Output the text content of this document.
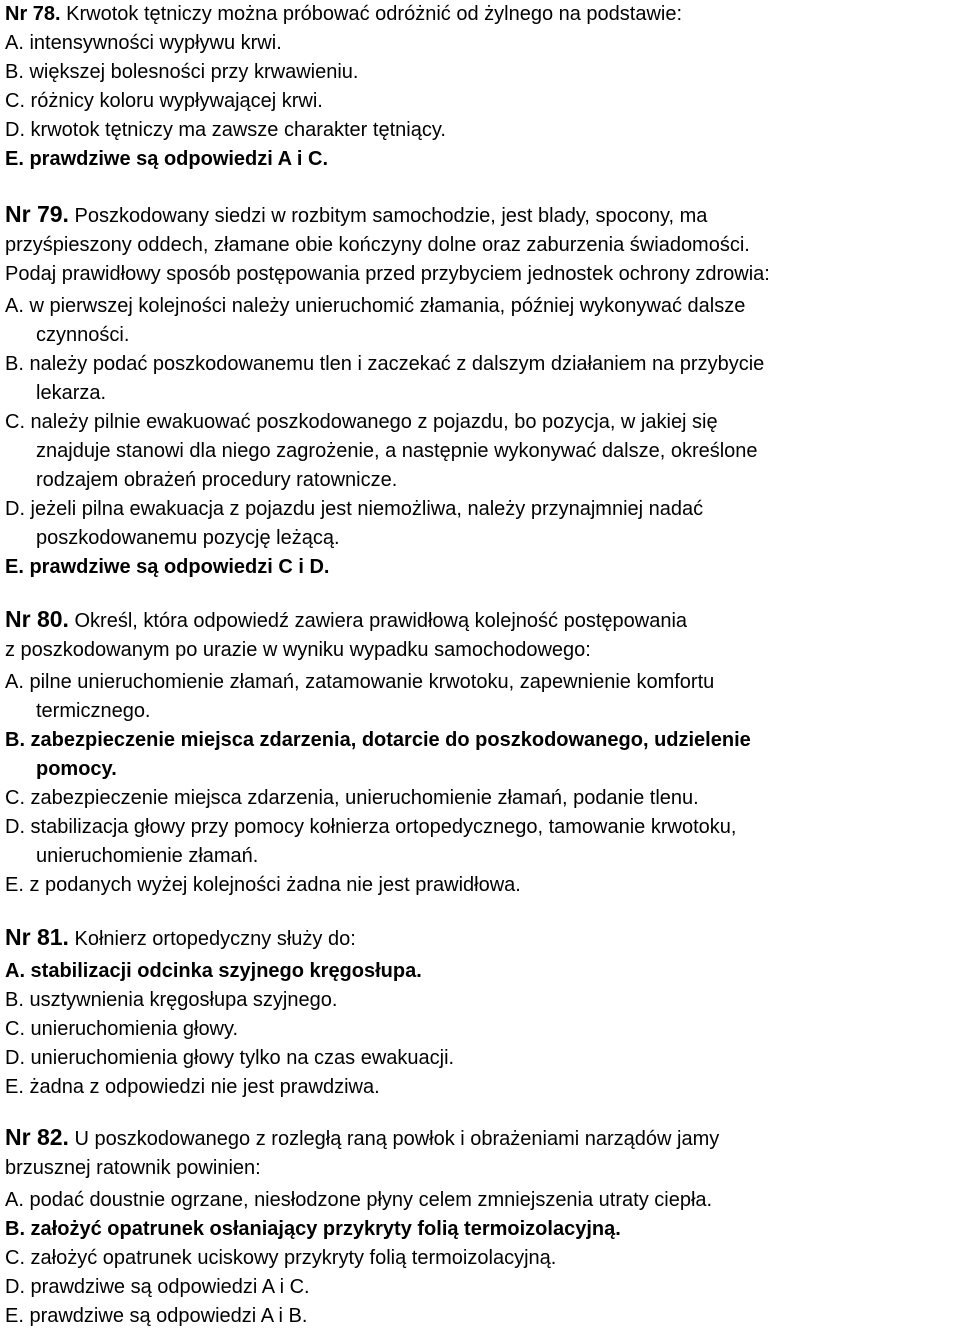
Nr 78. Krwotok tętniczy można próbować odróżnić od żylnego na podstawie:
A. intensywności wypływu krwi.
B. większej bolesności przy krwawieniu.
C. różnicy koloru wypływającej krwi.
D. krwotok tętniczy ma zawsze charakter tętniący.
E. prawdziwe są odpowiedzi A i C.
Nr 79. Poszkodowany siedzi w rozbitym samochodzie, jest blady, spocony, ma
przyśpieszony oddech, złamane obie kończyny dolne oraz zaburzenia świadomości.
Podaj prawidłowy sposób postępowania przed przybyciem jednostek ochrony zdrowia:
A. w pierwszej kolejności należy unieruchomić złamania, później wykonywać dalsze
czynności.
B. należy podać poszkodowanemu tlen i zaczekać z dalszym działaniem na przybycie
lekarza.
C. należy pilnie ewakuować poszkodowanego z pojazdu, bo pozycja, w jakiej się
znajduje stanowi dla niego zagrożenie, a następnie wykonywać dalsze, określone
rodzajem obrażeń procedury ratownicze.
D. jeżeli pilna ewakuacja z pojazdu jest niemożliwa, należy przynajmniej nadać
poszkodowanemu pozycję leżącą.
E. prawdziwe są odpowiedzi C i D.
Nr 80. Określ, która odpowiedź zawiera prawidłową kolejność postępowania
z poszkodowanym po urazie w wyniku wypadku samochodowego:
A. pilne unieruchomienie złamań, zatamowanie krwotoku, zapewnienie komfortu
termicznego.
B. zabezpieczenie miejsca zdarzenia, dotarcie do poszkodowanego, udzielenie
pomocy.
C. zabezpieczenie miejsca zdarzenia, unieruchomienie złamań, podanie tlenu.
D. stabilizacja głowy przy pomocy kołnierza ortopedycznego, tamowanie krwotoku,
unieruchomienie złamań.
E. z podanych wyżej kolejności żadna nie jest prawidłowa.
Nr 81. Kołnierz ortopedyczny służy do:
A. stabilizacji odcinka szyjnego kręgosłupa.
B. usztywnienia kręgosłupa szyjnego.
C. unieruchomienia głowy.
D. unieruchomienia głowy tylko na czas ewakuacji.
E. żadna z odpowiedzi nie jest prawdziwa.
Nr 82. U poszkodowanego z rozległą raną powłok i obrażeniami narządów jamy
brzusznej ratownik powinien:
A. podać doustnie ogrzane, niesłodzone płyny celem zmniejszenia utraty ciepła.
B. założyć opatrunek osłaniający przykryty folią termoizolacyjną.
C. założyć opatrunek uciskowy przykryty folią termoizolacyjną.
D. prawdziwe są odpowiedzi A i C.
E. prawdziwe są odpowiedzi A i B.
